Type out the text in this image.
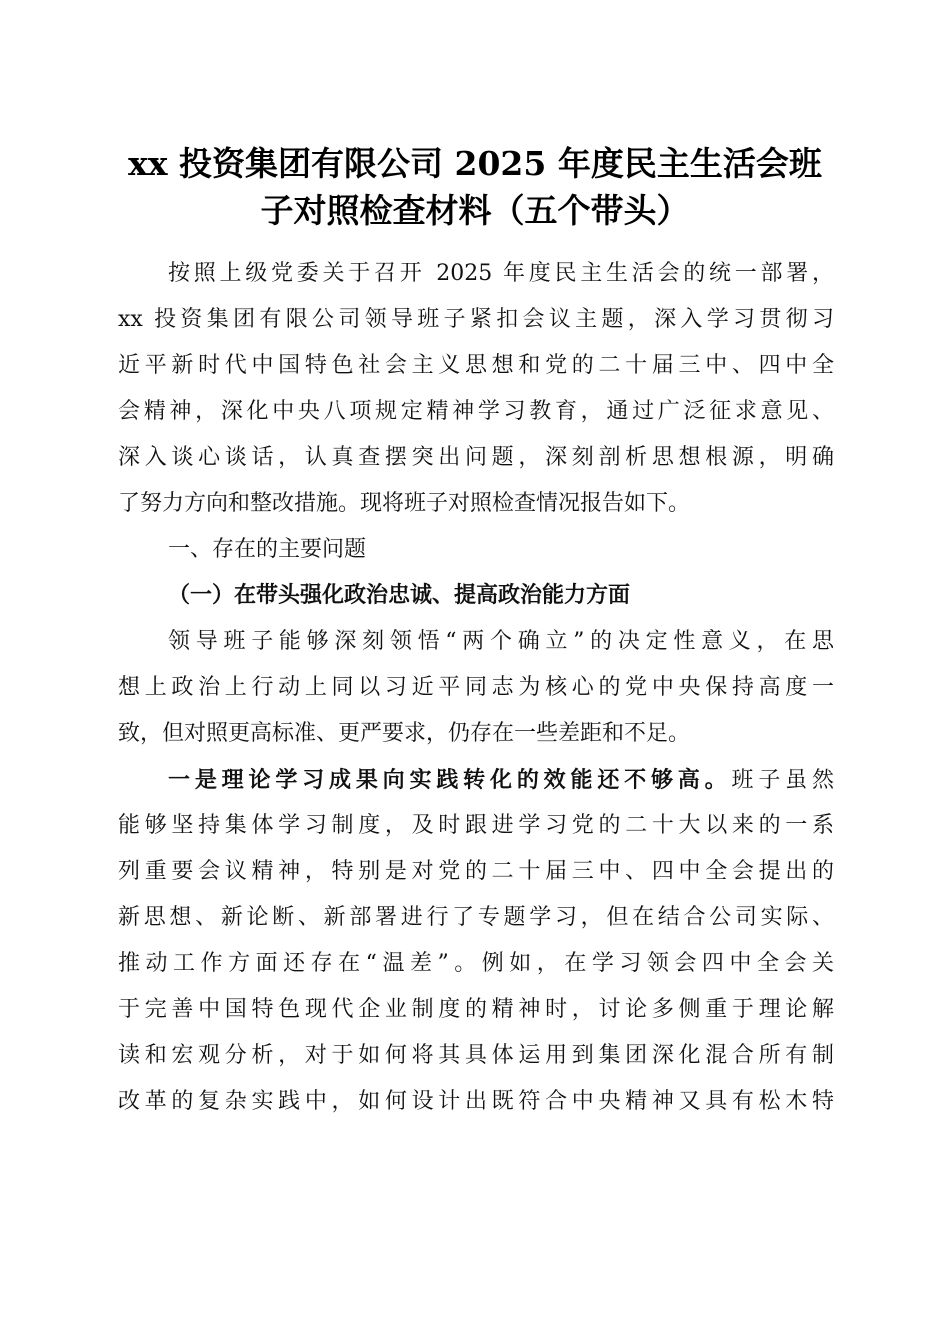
xx 投资集团有限公司 2025 年度民主生活会班
子对照检查材料（五个带头）
按照上级党委关于召开 2025 年度民主生活会的统一部署，
xx 投资集团有限公司领导班子紧扣会议主题，深入学习贯彻习
近平新时代中国特色社会主义思想和党的二十届三中、四中全
会精神，深化中央八项规定精神学习教育，通过广泛征求意见、
深入谈心谈话，认真查摆突出问题，深刻剖析思想根源，明确
了努力方向和整改措施。现将班子对照检查情况报告如下。
一、存在的主要问题
（一）在带头强化政治忠诚、提高政治能力方面
领导班子能够深刻领悟“两个确立”的决定性意义，在思
想上政治上行动上同以习近平同志为核心的党中央保持高度一
致，但对照更高标准、更严要求，仍存在一些差距和不足。
一是理论学习成果向实践转化的效能还不够高。班子虽然
能够坚持集体学习制度，及时跟进学习党的二十大以来的一系
列重要会议精神，特别是对党的二十届三中、四中全会提出的
新思想、新论断、新部署进行了专题学习，但在结合公司实际、
推动工作方面还存在“温差”。例如，在学习领会四中全会关
于完善中国特色现代企业制度的精神时，讨论多侧重于理论解
读和宏观分析，对于如何将其具体运用到集团深化混合所有制
改革的复杂实践中，如何设计出既符合中央精神又具有松木特
